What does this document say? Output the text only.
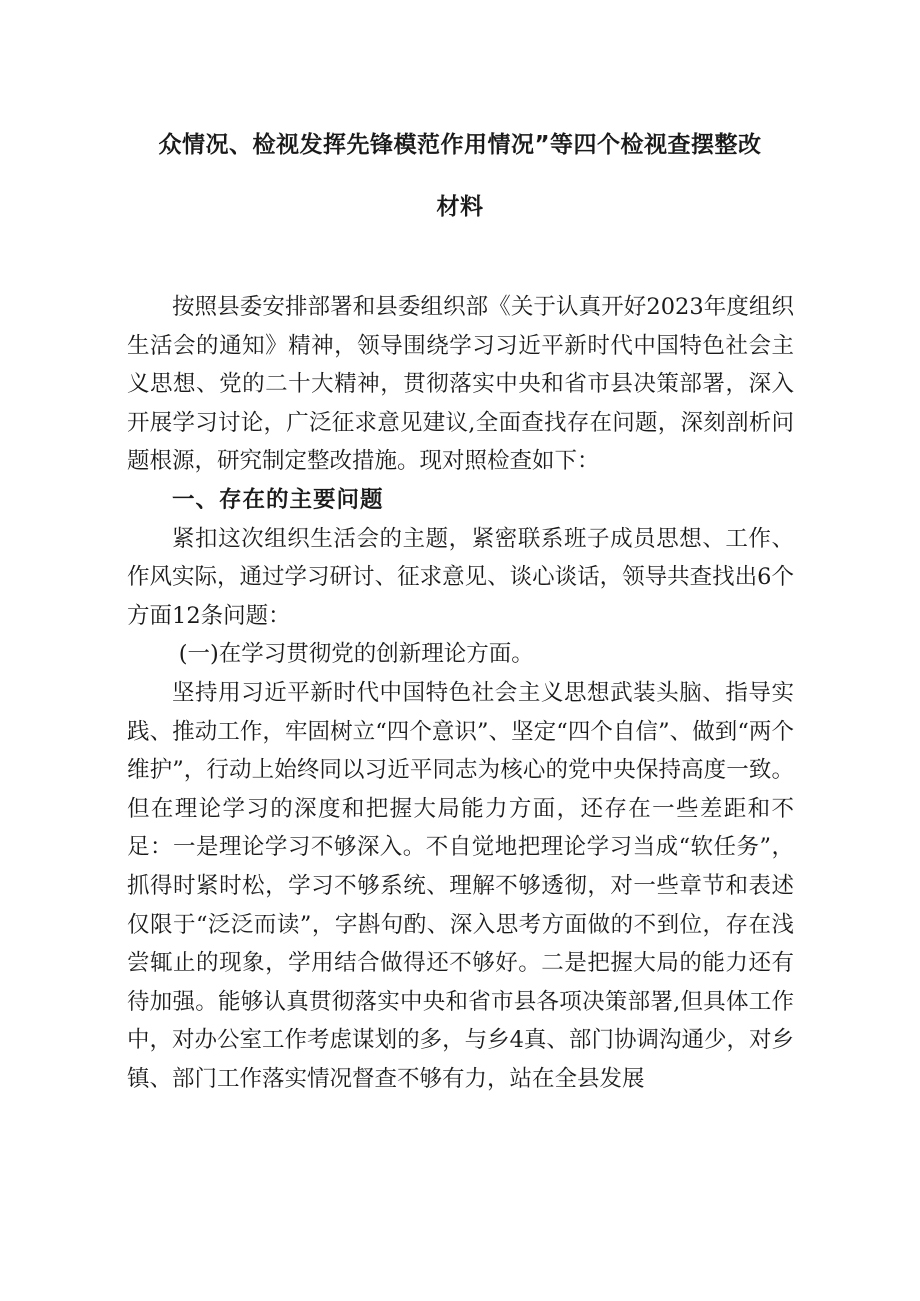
众情况、检视发挥先锋模范作用情况”等四个检视查摆整改
材料

按照县委安排部署和县委组织部《关于认真开好2023年度组织生活会的通知》精神，领导围绕学习习近平新时代中国特色社会主义思想、党的二十大精神，贯彻落实中央和省市县决策部署，深入开展学习讨论，广泛征求意见建议,全面查找存在问题，深刻剖析问题根源，研究制定整改措施。现对照检查如下：

一、存在的主要问题

紧扣这次组织生活会的主题，紧密联系班子成员思想、工作、作风实际，通过学习研讨、征求意见、谈心谈话，领导共查找出6个方面12条问题：

(一)在学习贯彻党的创新理论方面。

坚持用习近平新时代中国特色社会主义思想武装头脑、指导实践、推动工作，牢固树立“四个意识”、坚定“四个自信”、做到“两个维护”，行动上始终同以习近平同志为核心的党中央保持高度一致。但在理论学习的深度和把握大局能力方面，还存在一些差距和不足：一是理论学习不够深入。不自觉地把理论学习当成“软任务”，抓得时紧时松，学习不够系统、理解不够透彻，对一些章节和表述仅限于“泛泛而读”，字斟句酌、深入思考方面做的不到位，存在浅尝辄止的现象，学用结合做得还不够好。二是把握大局的能力还有待加强。能够认真贯彻落实中央和省市县各项决策部署,但具体工作中，对办公室工作考虑谋划的多，与乡4真、部门协调沟通少，对乡镇、部门工作落实情况督查不够有力，站在全县发展
